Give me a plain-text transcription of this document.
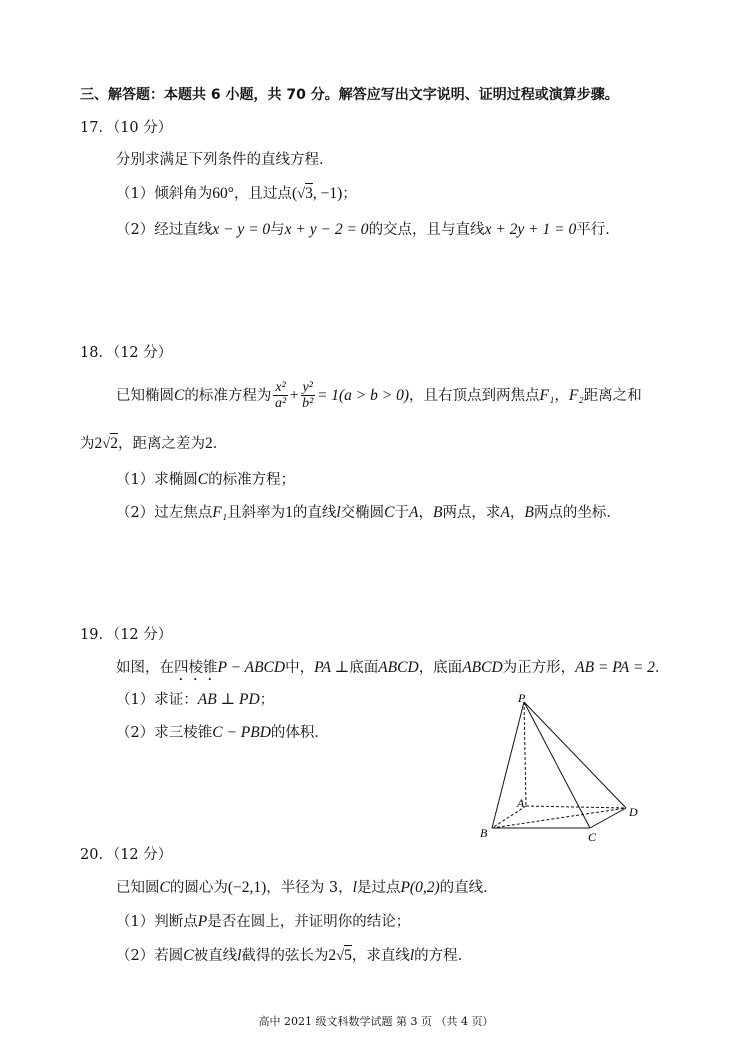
三、解答题：本题共 6 小题，共 70 分。解答应写出文字说明、证明过程或演算步骤。
17．（10 分）
分别求满足下列条件的直线方程．
（1）倾斜角为60°，且过点(√3, −1)；
（2）经过直线x − y = 0与x + y − 2 = 0的交点，且与直线x + 2y + 1 = 0平行．
18．（12 分）
已知椭圆C的标准方程为 $\frac{\text{x²}}{\text{a²}} + \frac{\text{y²}}{\text{b²}} = 1(a > b > 0)$，且右顶点到两焦点F₁，F₂距离之和
为2√2，距离之差为2．
（1）求椭圆C的标准方程；
（2）过左焦点F₁且斜率为1的直线l交椭圆C于A，B两点，求A，B两点的坐标．
19．（12 分）
如图，在四棱锥P − ABCD中，PA ⊥底面ABCD，底面ABCD为正方形，AB = PA = 2．
（1）求证：AB ⊥ PD；
（2）求三棱锥C − PBD的体积．
P
A
B	C
D
20．（12 分）
已知圆C的圆心为(−2,1)，半径为 3，l是过点P(0,2)的直线．
（1）判断点P是否在圆上，并证明你的结论；
（2）若圆C被直线l截得的弦长为2√5，求直线l的方程．
高中 2021 级文科数学试题 第 3 页 （共 4 页）
